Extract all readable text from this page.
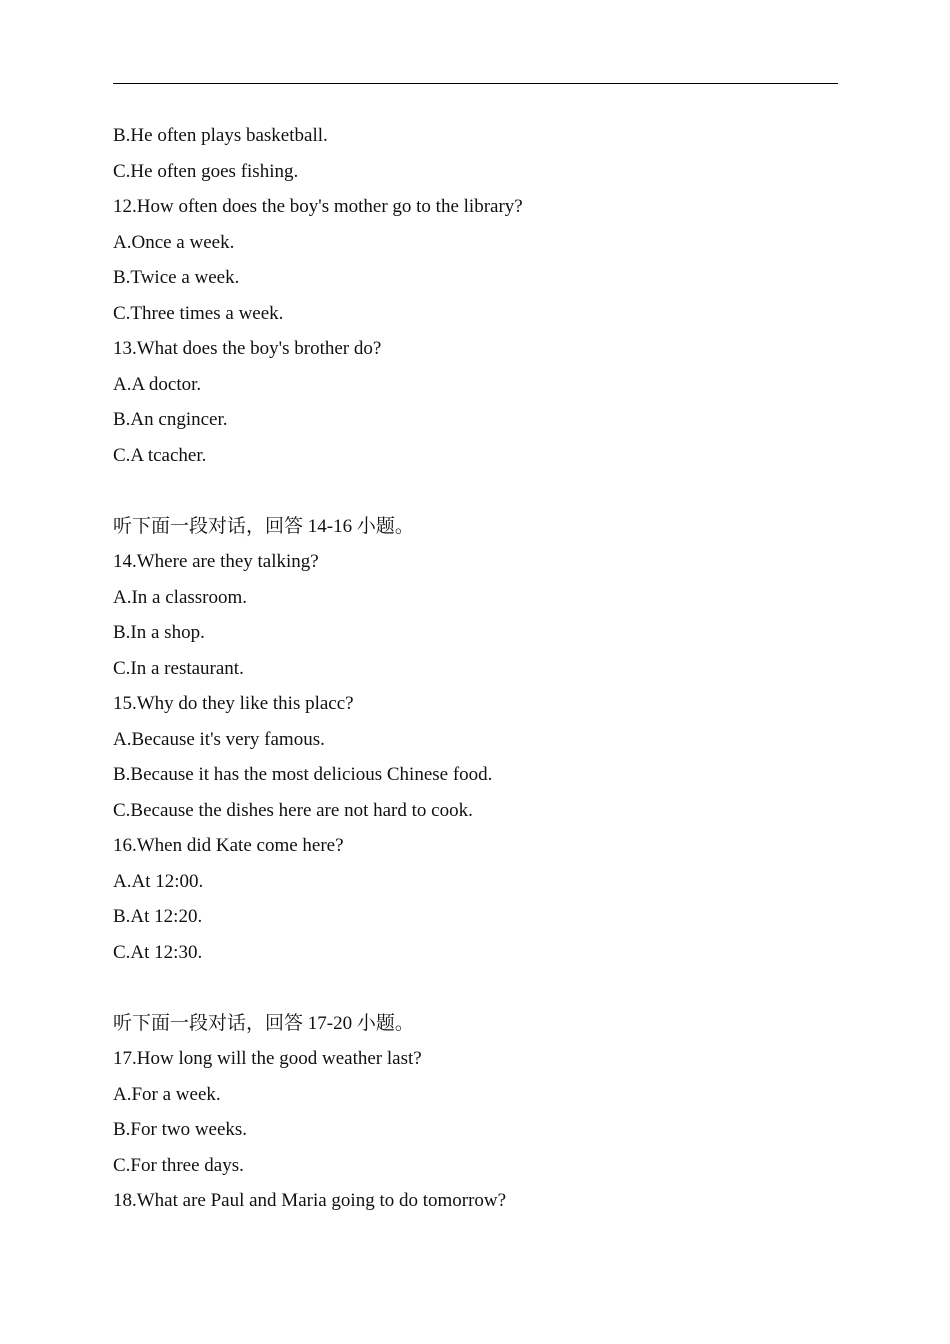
B.He often plays basketball.
C.He often goes fishing.
12.How often does the boy's mother go to the library?
A.Once a week.
B.Twice a week.
C.Three times a week.
13.What does the boy's brother do?
A.A doctor.
B.An cngincer.
C.A tcacher.
听下面一段对话，回答 14-16 小题。
14.Where are they talking?
A.In a classroom.
B.In a shop.
C.In a restaurant.
15.Why do they like this placc?
A.Because it's very famous.
B.Because it has the most delicious Chinese food.
C.Because the dishes here are not hard to cook.
16.When did Kate come here?
A.At 12:00.
B.At 12:20.
C.At 12:30.
听下面一段对话，回答 17-20 小题。
17.How long will the good weather last?
A.For a week.
B.For two weeks.
C.For three days.
18.What are Paul and Maria going to do tomorrow?
